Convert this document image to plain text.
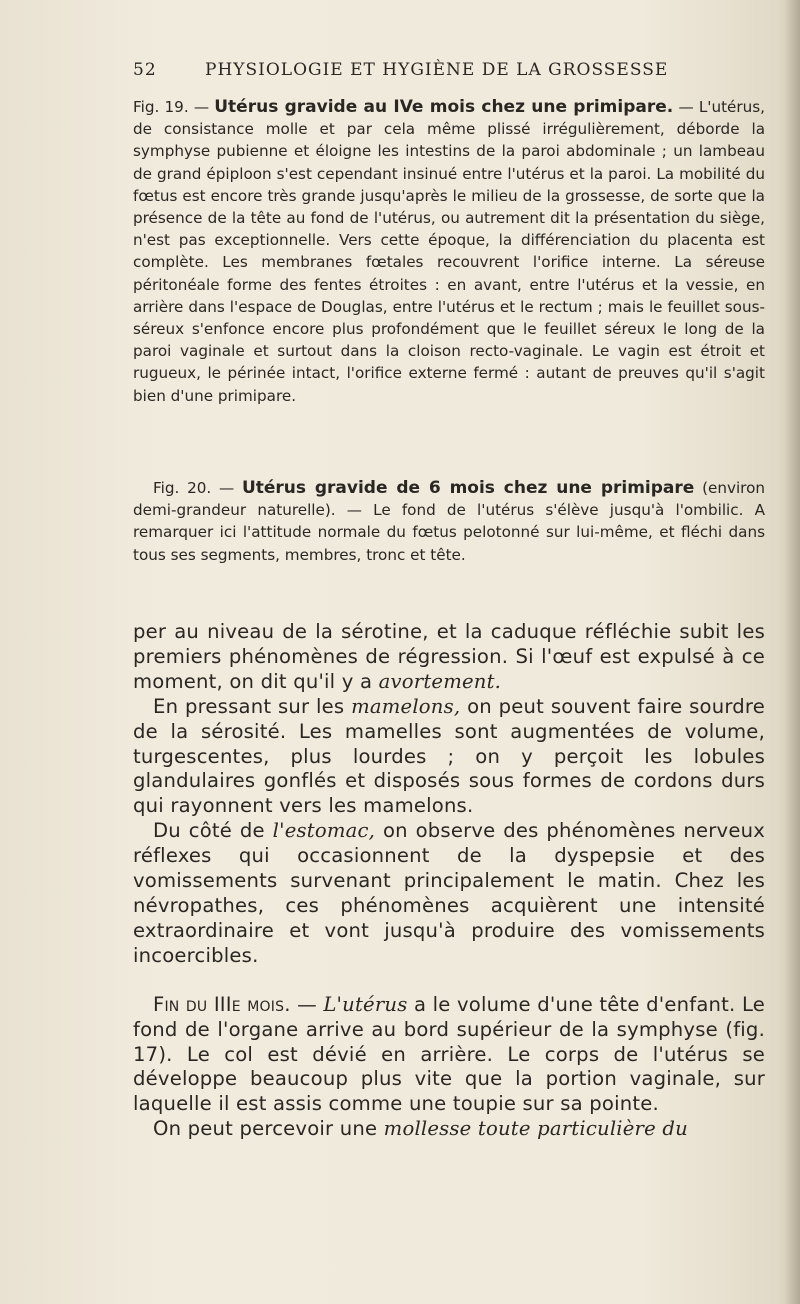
52	PHYSIOLOGIE ET HYGIÈNE DE LA GROSSESSE

Fig. 19. — Utérus gravide au IVe mois chez une primipare. — L'utérus, de consistance molle et par cela même plissé irrégulièrement, déborde la symphyse pubienne et éloigne les intestins de la paroi abdominale ; un lambeau de grand épiploon s'est cependant insinué entre l'utérus et la paroi. La mobilité du fœtus est encore très grande jusqu'après le milieu de la grossesse, de sorte que la présence de la tête au fond de l'utérus, ou autrement dit la présentation du siège, n'est pas exceptionnelle. Vers cette époque, la différenciation du placenta est complète. Les membranes fœtales recouvrent l'orifice interne. La séreuse péritonéale forme des fentes étroites : en avant, entre l'utérus et la vessie, en arrière dans l'espace de Douglas, entre l'utérus et le rectum ; mais le feuillet sous-séreux s'enfonce encore plus profondément que le feuillet séreux le long de la paroi vaginale et surtout dans la cloison recto-vaginale. Le vagin est étroit et rugueux, le périnée intact, l'orifice externe fermé : autant de preuves qu'il s'agit bien d'une primipare.

Fig. 20. — Utérus gravide de 6 mois chez une primipare (environ demi-grandeur naturelle). — Le fond de l'utérus s'élève jusqu'à l'ombilic. A remarquer ici l'attitude normale du fœtus pelotonné sur lui-même, et fléchi dans tous ses segments, membres, tronc et tête.

per au niveau de la sérotine, et la caduque réfléchie subit les premiers phénomènes de régression. Si l'œuf est expulsé à ce moment, on dit qu'il y a avortement.

En pressant sur les mamelons, on peut souvent faire sourdre de la sérosité. Les mamelles sont augmentées de volume, turgescentes, plus lourdes ; on y perçoit les lobules glandulaires gonflés et disposés sous formes de cordons durs qui rayonnent vers les mamelons.

Du côté de l'estomac, on observe des phénomènes nerveux réflexes qui occasionnent de la dyspepsie et des vomissements survenant principalement le matin. Chez les névropathes, ces phénomènes acquièrent une intensité extraordinaire et vont jusqu'à produire des vomissements incoercibles.

Fin du IIIe mois. — L'utérus a le volume d'une tête d'enfant. Le fond de l'organe arrive au bord supérieur de la symphyse (fig. 17). Le col est dévié en arrière. Le corps de l'utérus se développe beaucoup plus vite que la portion vaginale, sur laquelle il est assis comme une toupie sur sa pointe.

On peut percevoir une mollesse toute particulière du
